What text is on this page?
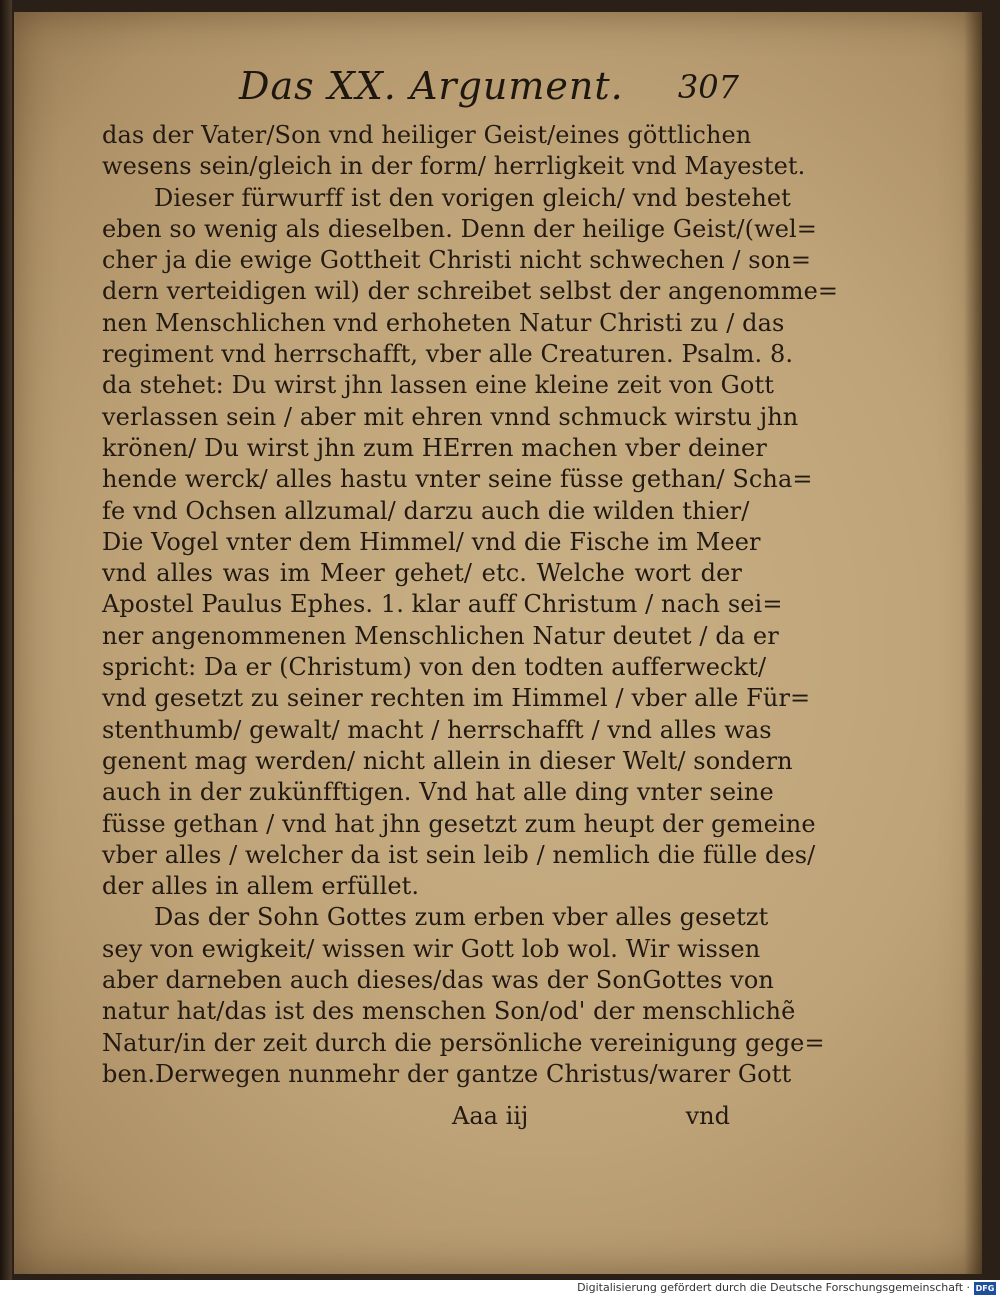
Das XX. Argument. 307
das der Vater/Son vnd heiliger Geist/eines göttlichen
wesens sein/gleich in der form/ herrligkeit vnd Mayestet.
Dieser fürwurff ist den vorigen gleich/ vnd bestehet
eben so wenig als dieselben. Denn der heilige Geist/(wel=
cher ja die ewige Gottheit Christi nicht schwechen / son=
dern verteidigen wil) der schreibet selbst der angenomme=
nen Menschlichen vnd erhoheten Natur Christi zu / das
regiment vnd herrschafft, vber alle Creaturen. Psalm. 8.
da stehet: Du wirst jhn lassen eine kleine zeit von Gott
verlassen sein / aber mit ehren vnnd schmuck wirstu jhn
krönen/ Du wirst jhn zum HErren machen vber deiner
hende werck/ alles hastu vnter seine füsse gethan/ Scha=
fe vnd Ochsen allzumal/ darzu auch die wilden thier/
Die Vogel vnter dem Himmel/ vnd die Fische im Meer
vnd alles was im Meer gehet/ etc. Welche wort der
Apostel Paulus Ephes. 1. klar auff Christum / nach sei=
ner angenommenen Menschlichen Natur deutet / da er
spricht: Da er (Christum) von den todten aufferweckt/
vnd gesetzt zu seiner rechten im Himmel / vber alle Für=
stenthumb/ gewalt/ macht / herrschafft / vnd alles was
genent mag werden/ nicht allein in dieser Welt/ sondern
auch in der zukünfftigen. Vnd hat alle ding vnter seine
füsse gethan / vnd hat jhn gesetzt zum heupt der gemeine
vber alles / welcher da ist sein leib / nemlich die fülle des/
der alles in allem erfüllet.
Das der Sohn Gottes zum erben vber alles gesetzt
sey von ewigkeit/ wissen wir Gott lob wol. Wir wissen
aber darneben auch dieses/das was der SonGottes von
natur hat/das ist des menschen Son/od' der menschlichẽ
Natur/in der zeit durch die persönliche vereinigung gege=
ben.Derwegen nunmehr der gantze Christus/warer Gott
Aaa iij	vnd
Digitalisierung gefördert durch die Deutsche Forschungsgemeinschaft · DFG
